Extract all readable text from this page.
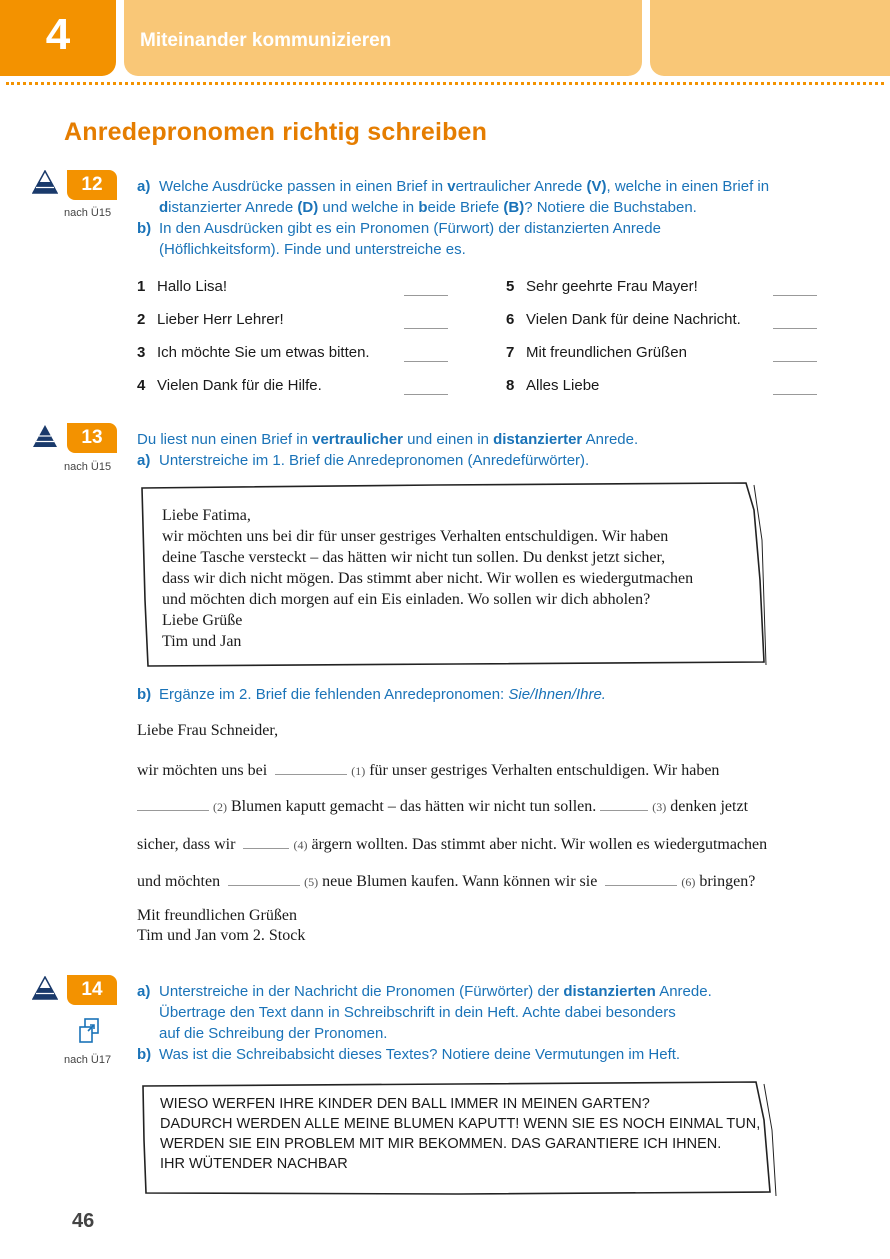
4	Miteinander kommunizieren
Anredepronomen richtig schreiben
12
nach Ü15
a) Welche Ausdrücke passen in einen Brief in vertraulicher Anrede (V), welche in einen Brief in
distanzierter Anrede (D) und welche in beide Briefe (B)? Notiere die Buchstaben.
b) In den Ausdrücken gibt es ein Pronomen (Fürwort) der distanzierten Anrede
(Höflichkeitsform). Finde und unterstreiche es.
1 Hallo Lisa!
2 Lieber Herr Lehrer!
3 Ich möchte Sie um etwas bitten.
4 Vielen Dank für die Hilfe.
5 Sehr geehrte Frau Mayer!
6 Vielen Dank für deine Nachricht.
7 Mit freundlichen Grüßen
8 Alles Liebe
13
nach Ü15
Du liest nun einen Brief in vertraulicher und einen in distanzierter Anrede.
a) Unterstreiche im 1. Brief die Anredepronomen (Anredefürwörter).
Liebe Fatima,
wir möchten uns bei dir für unser gestriges Verhalten entschuldigen. Wir haben
deine Tasche versteckt – das hätten wir nicht tun sollen. Du denkst jetzt sicher,
dass wir dich nicht mögen. Das stimmt aber nicht. Wir wollen es wiedergutmachen
und möchten dich morgen auf ein Eis einladen. Wo sollen wir dich abholen?
Liebe Grüße
Tim und Jan
b) Ergänze im 2. Brief die fehlenden Anredepronomen: Sie/Ihnen/Ihre.
Liebe Frau Schneider,
wir möchten uns bei	(1) für unser gestriges Verhalten entschuldigen. Wir haben
(2) Blumen kaputt gemacht – das hätten wir nicht tun sollen.	(3) denken jetzt
sicher, dass wir	(4) ärgern wollten. Das stimmt aber nicht. Wir wollen es wiedergutmachen
und möchten	(5) neue Blumen kaufen. Wann können wir sie	(6) bringen?
Mit freundlichen Grüßen
Tim und Jan vom 2. Stock
14
nach Ü17
a) Unterstreiche in der Nachricht die Pronomen (Fürwörter) der distanzierten Anrede.
Übertrage den Text dann in Schreibschrift in dein Heft. Achte dabei besonders
auf die Schreibung der Pronomen.
b) Was ist die Schreibabsicht dieses Textes? Notiere deine Vermutungen im Heft.
WIESO WERFEN IHRE KINDER DEN BALL IMMER IN MEINEN GARTEN?
DADURCH WERDEN ALLE MEINE BLUMEN KAPUTT! WENN SIE ES NOCH EINMAL TUN,
WERDEN SIE EIN PROBLEM MIT MIR BEKOMMEN. DAS GARANTIERE ICH IHNEN.
IHR WÜTENDER NACHBAR
46
